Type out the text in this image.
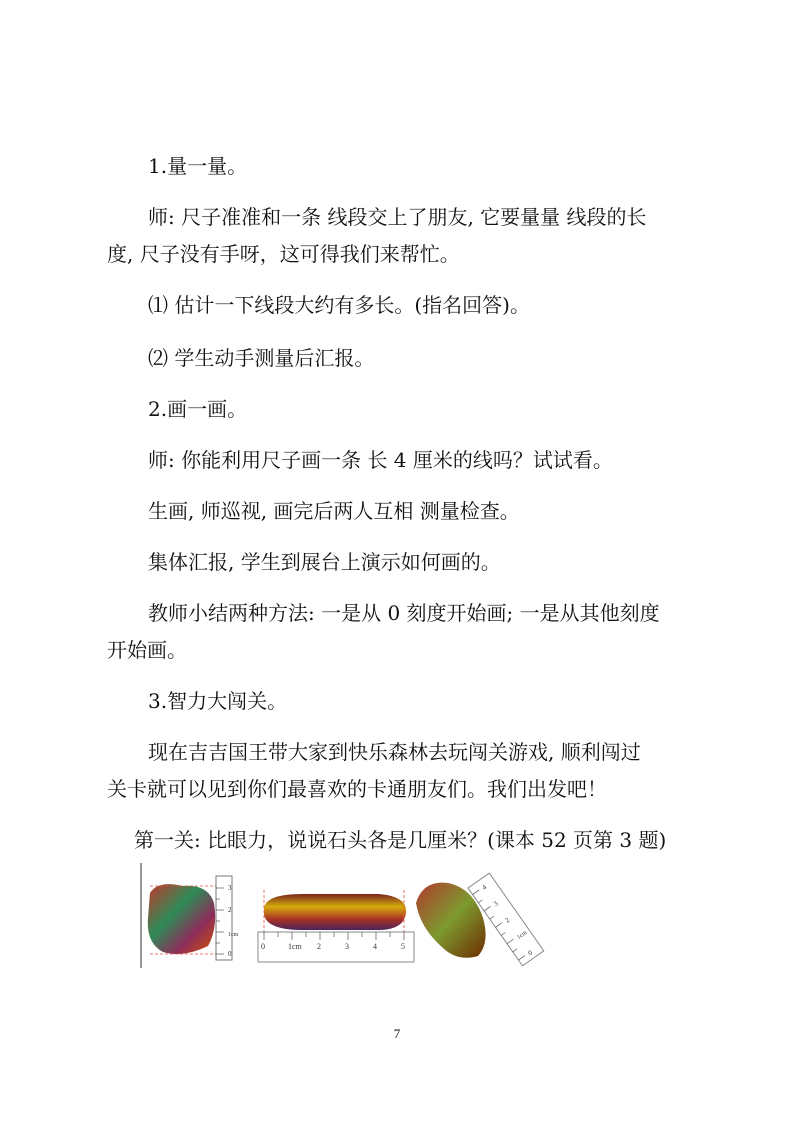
1.量一量。
师: 尺子准准和一条 线段交上了朋友, 它要量量 线段的长
度, 尺子没有手呀，这可得我们来帮忙。
⑴ 估计一下线段大约有多长。(指名回答)。
⑵ 学生动手测量后汇报。
2.画一画。
师: 你能利用尺子画一条 长 4 厘米的线吗？试试看。
生画, 师巡视, 画完后两人互相 测量检查。
集体汇报, 学生到展台上演示如何画的。
教师小结两种方法: 一是从 0 刻度开始画; 一是从其他刻度
开始画。
3.智力大闯关。
现在吉吉国王带大家到快乐森林去玩闯关游戏, 顺利闯过
关卡就可以见到你们最喜欢的卡通朋友们。我们出发吧！
第一关: 比眼力，说说石头各是几厘米？(课本 52 页第 3 题)
0
1cm
2
3
0	1cm 2	3	4	5
0
1cm
2
3
4
7
